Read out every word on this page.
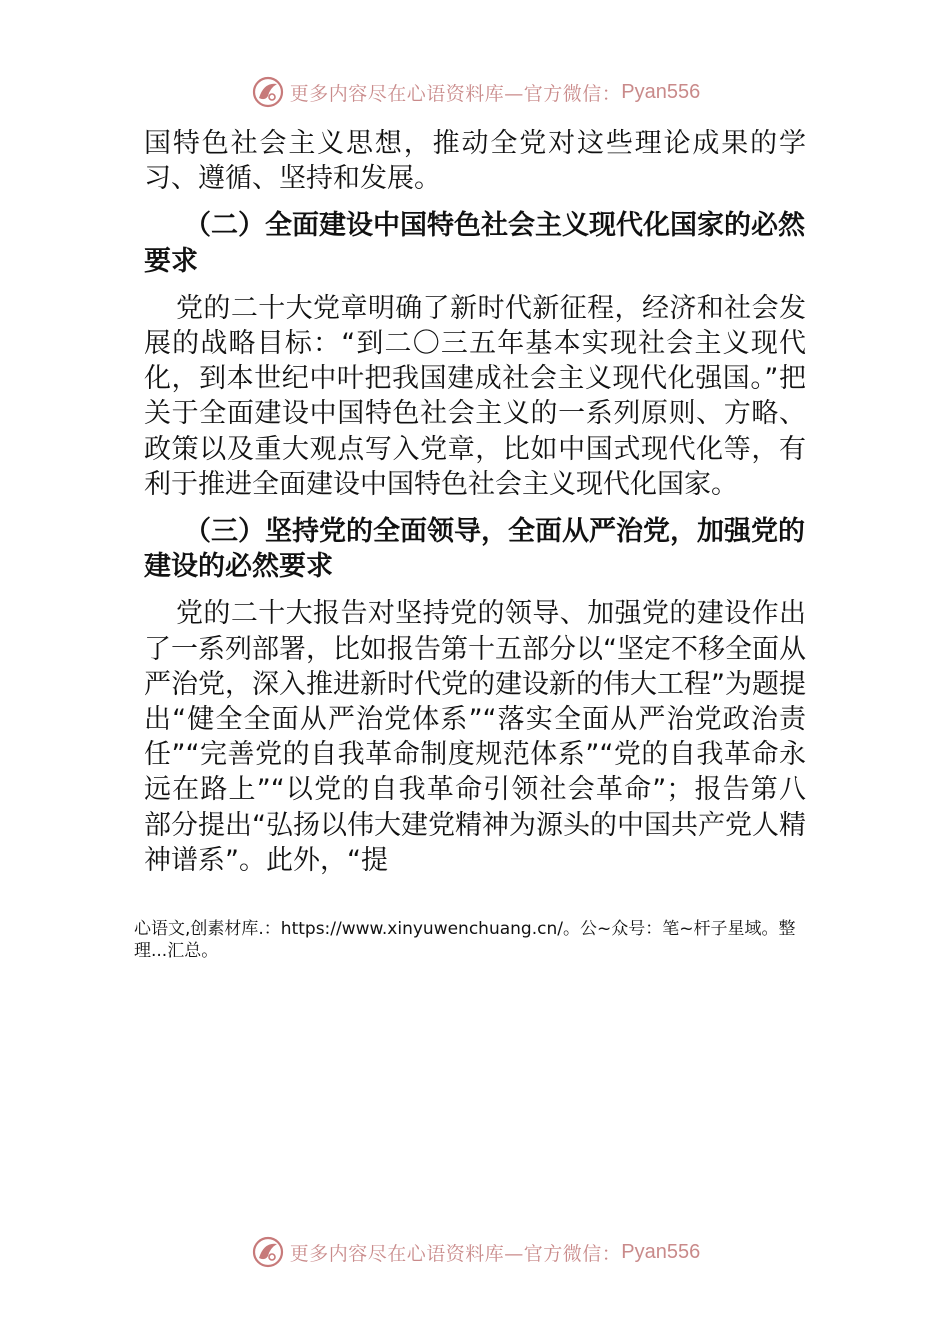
更多内容尽在心语资料库—官方微信： Pyan556

国特色社会主义思想，推动全党对这些理论成果的学习、遵循、坚持和发展。

（二）全面建设中国特色社会主义现代化国家的必然要求

党的二十大党章明确了新时代新征程，经济和社会发展的战略目标：“到二〇三五年基本实现社会主义现代化，到本世纪中叶把我国建成社会主义现代化强国。”把关于全面建设中国特色社会主义的一系列原则、方略、政策以及重大观点写入党章，比如中国式现代化等，有利于推进全面建设中国特色社会主义现代化国家。

（三）坚持党的全面领导，全面从严治党，加强党的建设的必然要求

党的二十大报告对坚持党的领导、加强党的建设作出了一系列部署，比如报告第十五部分以“坚定不移全面从严治党，深入推进新时代党的建设新的伟大工程”为题提出“健全全面从严治党体系”“落实全面从严治党政治责任”“完善党的自我革命制度规范体系”“党的自我革命永远在路上”“以党的自我革命引领社会革命”；报告第八部分提出“弘扬以伟大建党精神为源头的中国共产党人精神谱系”。此外，“提

心语文,创素材库.：https://www.xinyuwenchuang.cn/。公~众号：笔~杆子星域。整理...汇总。
更多内容尽在心语资料库—官方微信： Pyan556
